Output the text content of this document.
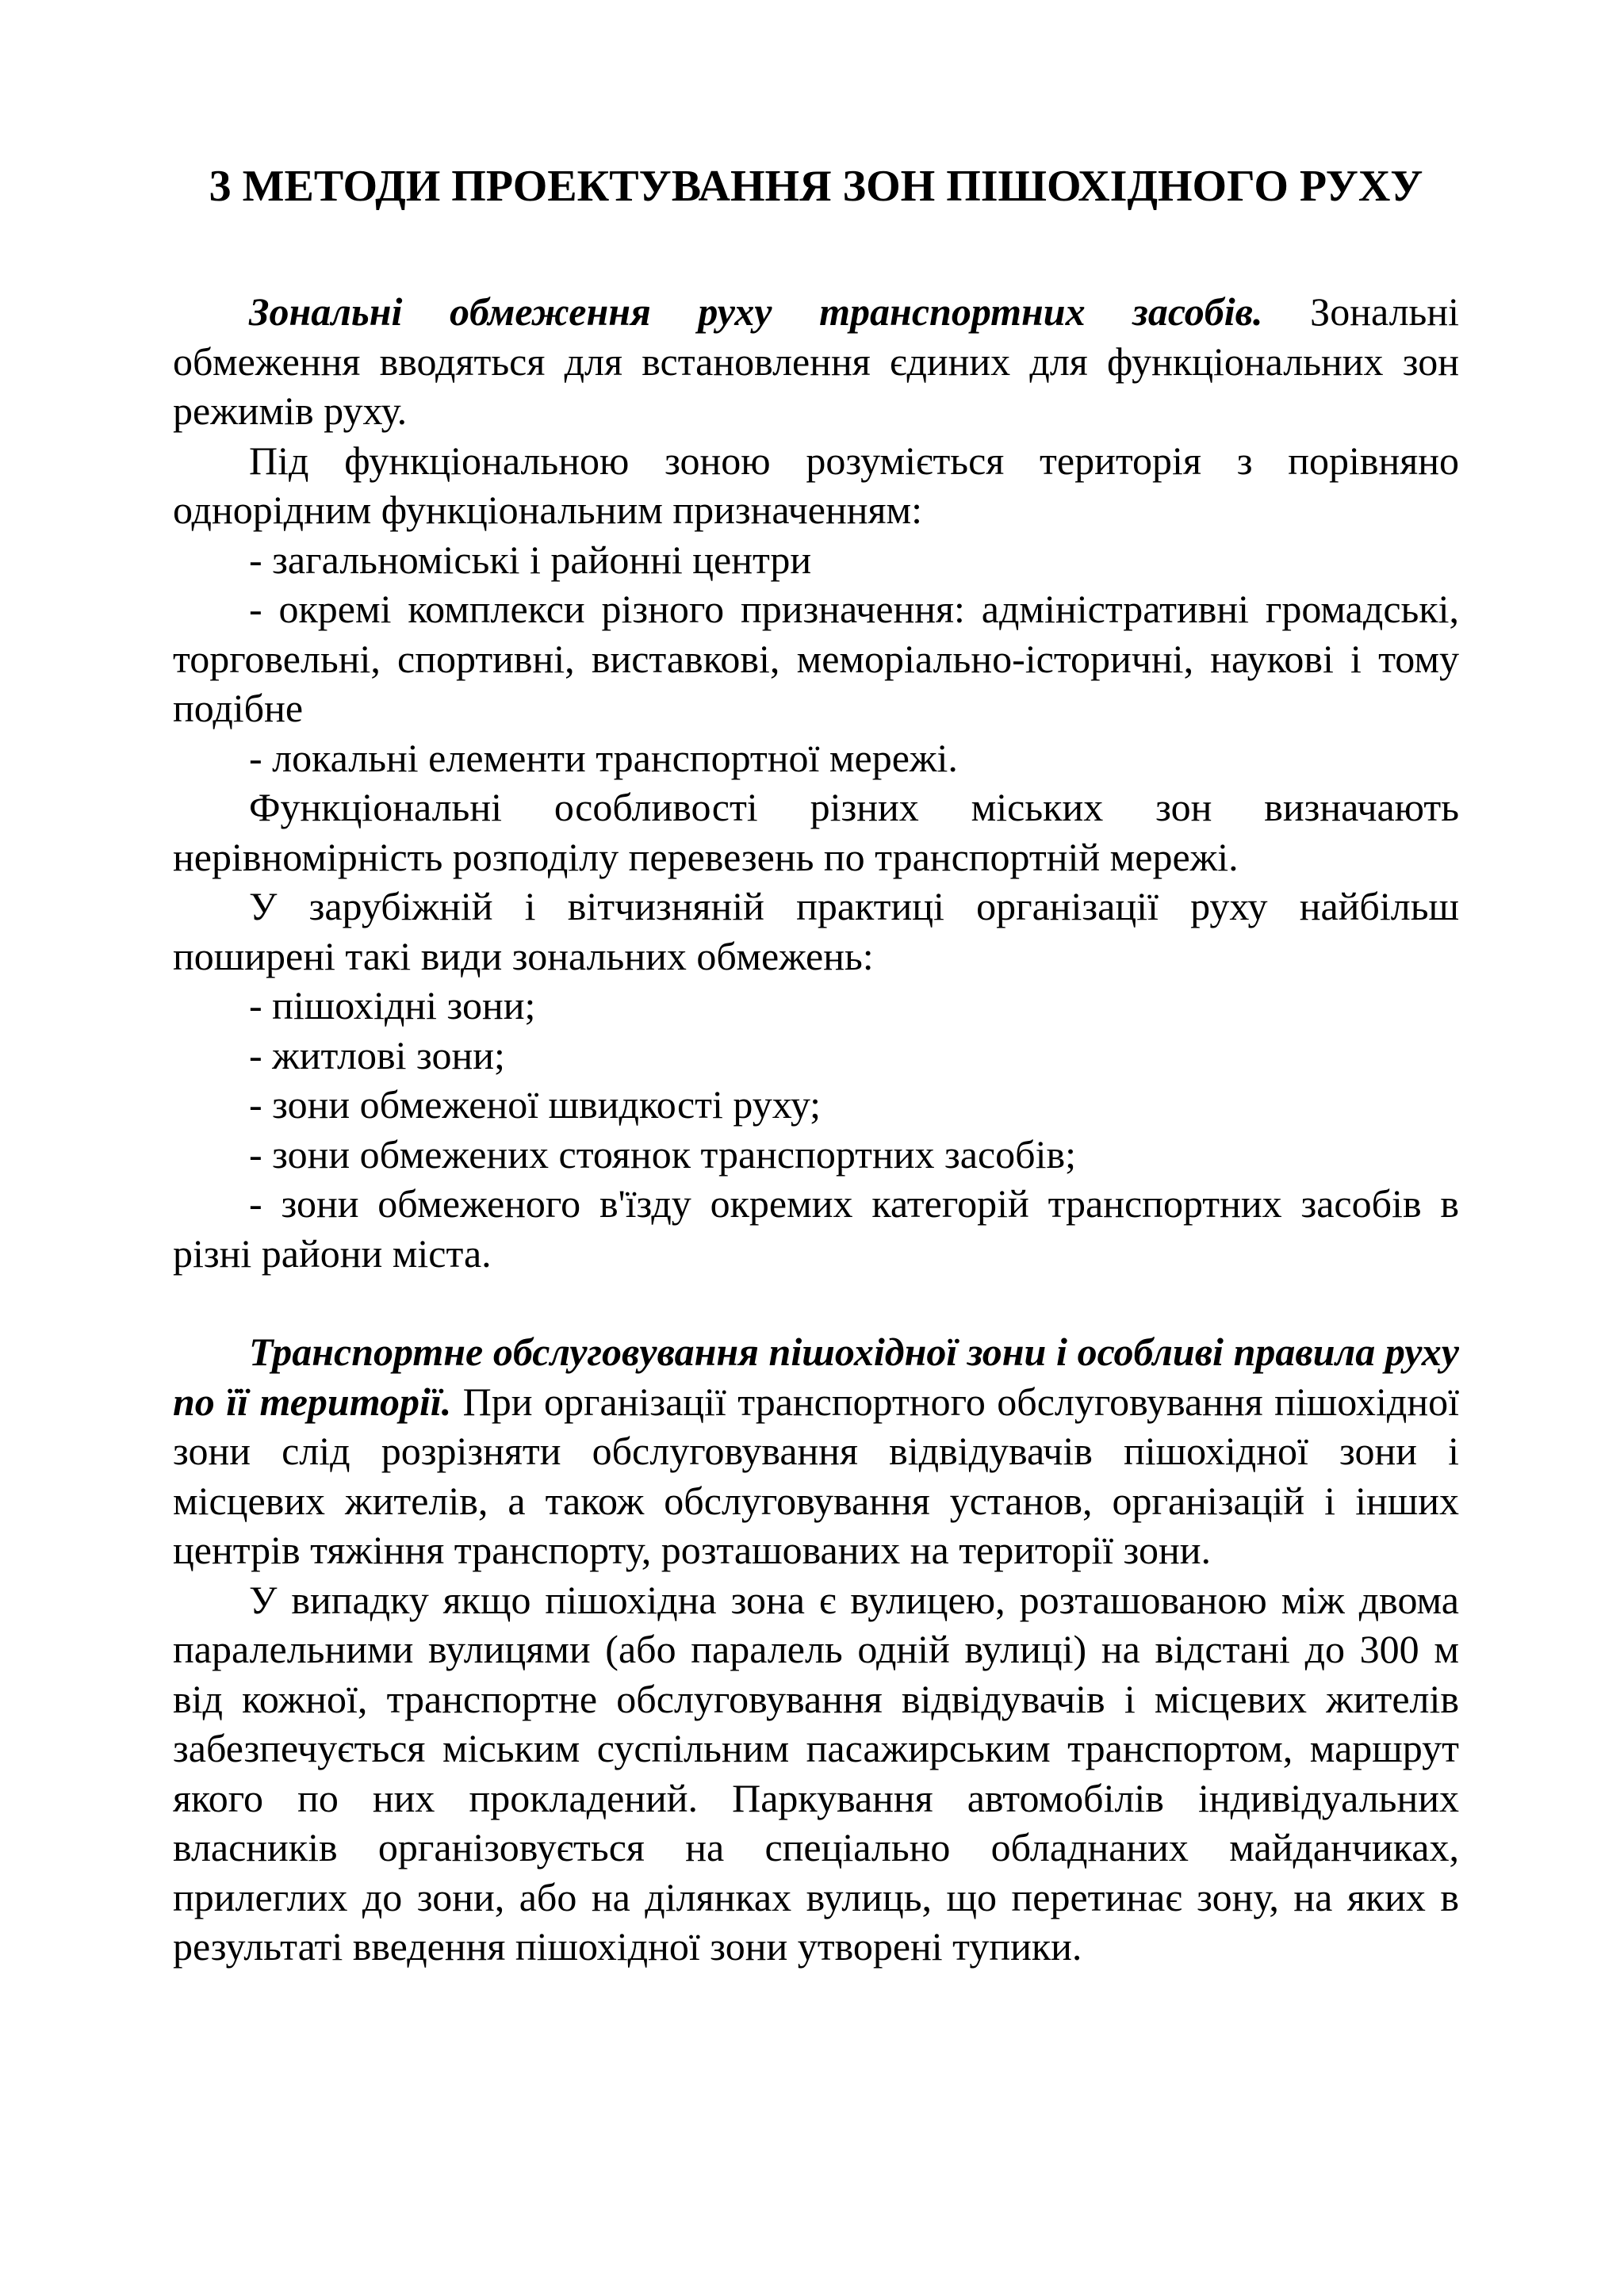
3 МЕТОДИ ПРОЕКТУВАННЯ ЗОН ПІШОХІДНОГО РУХУ

Зональні обмеження руху транспортних засобів. Зональні обмеження вводяться для встановлення єдиних для функціональних зон режимів руху.

Під функціональною зоною розуміється територія з порівняно однорідним функціональним призначенням:

- загальноміські і районні центри

- окремі комплекси різного призначення: адміністративні громадські, торговельні, спортивні, виставкові, меморіально-історичні, наукові і тому подібне

- локальні елементи транспортної мережі.

Функціональні особливості різних міських зон визначають нерівномірність розподілу перевезень по транспортній мережі.

У зарубіжній і вітчизняній практиці організації руху найбільш поширені такі види зональних обмежень:

- пішохідні зони;

- житлові зони;

- зони обмеженої швидкості руху;

- зони обмежених стоянок транспортних засобів;

- зони обмеженого в'їзду окремих категорій транспортних засобів в різні райони міста.

Транспортне обслуговування пішохідної зони і особливі правила руху по її території. При організації транспортного обслуговування пішохідної зони слід розрізняти обслуговування відвідувачів пішохідної зони і місцевих жителів, а також обслуговування установ, організацій і інших центрів тяжіння транспорту, розташованих на території зони.

У випадку якщо пішохідна зона є вулицею, розташованою між двома паралельними вулицями (або паралель одній вулиці) на відстані до 300 м від кожної, транспортне обслуговування відвідувачів і місцевих жителів забезпечується міським суспільним пасажирським транспортом, маршрут якого по них прокладений. Паркування автомобілів індивідуальних власників організовується на спеціально обладнаних майданчиках, прилеглих до зони, або на ділянках вулиць, що перетинає зону, на яких в результаті введення пішохідної зони утворені тупики.
